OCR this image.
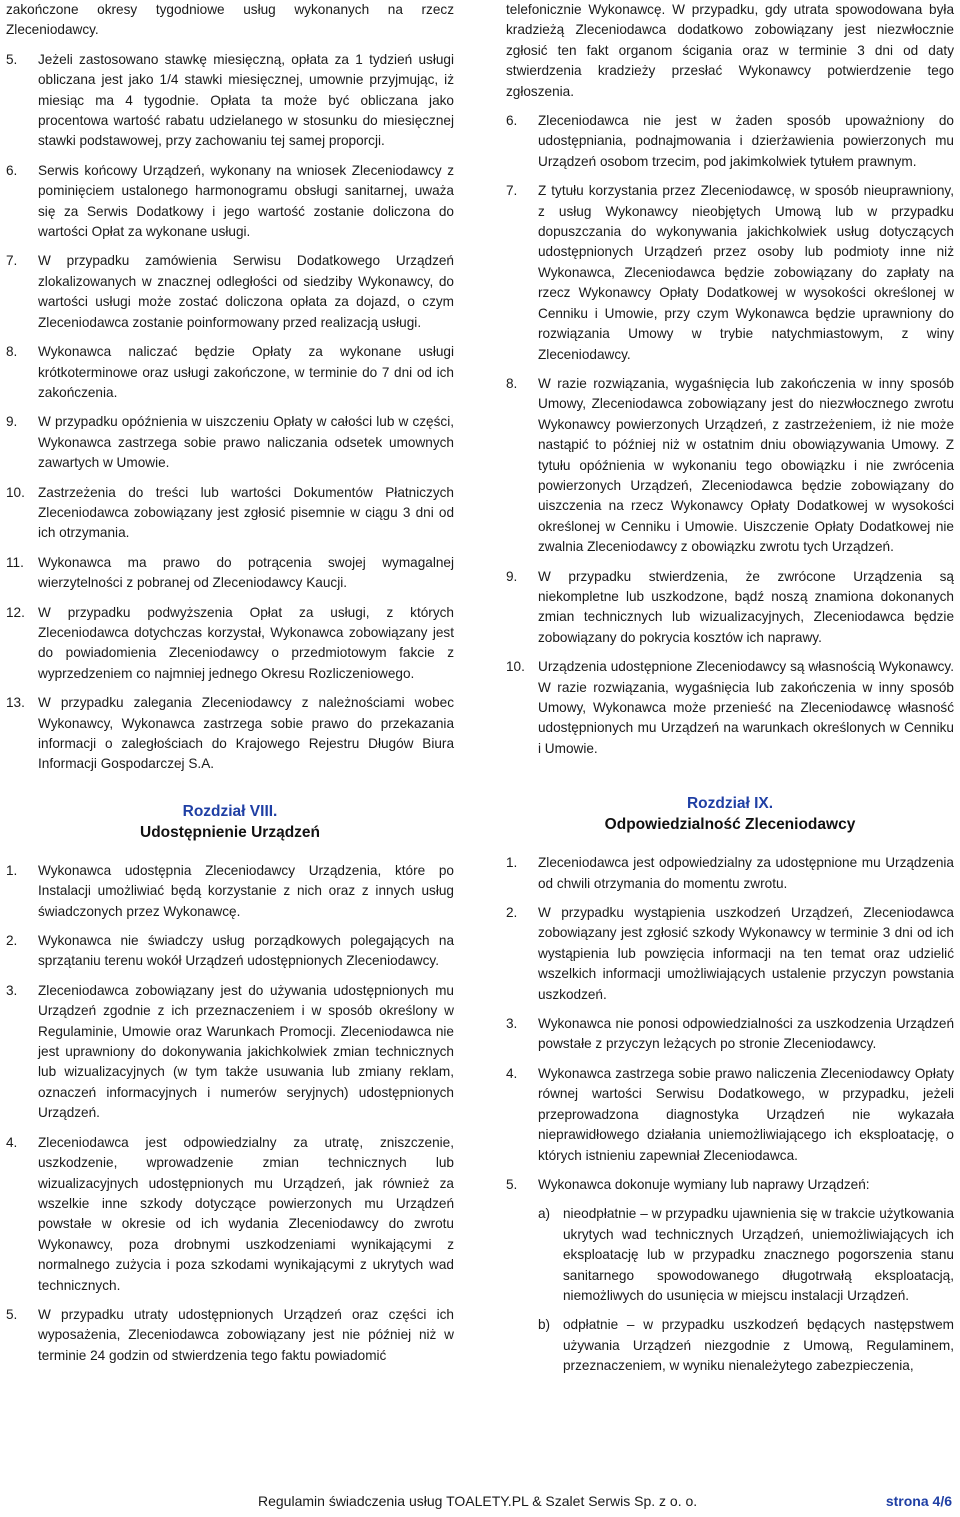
zakończone okresy tygodniowe usług wykonanych na rzecz Zleceniodawcy.

5.	Jeżeli zastosowano stawkę miesięczną, opłata za 1 tydzień usługi obliczana jest jako 1/4 stawki miesięcznej, umownie przyjmując, iż miesiąc ma 4 tygodnie. Opłata ta może być obliczana jako procentowa wartość rabatu udzielanego w stosunku do miesięcznej stawki podstawowej, przy zachowaniu tej samej proporcji.
6.	Serwis końcowy Urządzeń, wykonany na wniosek Zleceniodawcy z pominięciem ustalonego harmonogramu obsługi sanitarnej, uważa się za Serwis Dodatkowy i jego wartość zostanie doliczona do wartości Opłat za wykonane usługi.
7.	W przypadku zamówienia Serwisu Dodatkowego Urządzeń zlokalizowanych w znacznej odległości od siedziby Wykonawcy, do wartości usługi może zostać doliczona opłata za dojazd, o czym Zleceniodawca zostanie poinformowany przed realizacją usługi.
8.	Wykonawca naliczać będzie Opłaty za wykonane usługi krótkoterminowe oraz usługi zakończone, w terminie do 7 dni od ich zakończenia.
9.	W przypadku opóźnienia w uiszczeniu Opłaty w całości lub w części, Wykonawca zastrzega sobie prawo naliczania odsetek umownych zawartych w Umowie.
10. Zastrzeżenia do treści lub wartości Dokumentów Płatniczych Zleceniodawca zobowiązany jest zgłosić pisemnie w ciągu 3 dni od ich otrzymania.
11.	Wykonawca ma prawo do potrącenia swojej wymagalnej wierzytelności z pobranej od Zleceniodawcy Kaucji.
12. W przypadku podwyższenia Opłat za usługi, z których Zleceniodawca dotychczas korzystał, Wykonawca zobowiązany jest do powiadomienia Zleceniodawcy o przedmiotowym fakcie z wyprzedzeniem co najmniej jednego Okresu Rozliczeniowego.
13. W przypadku zalegania Zleceniodawcy z należnościami wobec Wykonawcy, Wykonawca zastrzega sobie prawo do przekazania informacji o zaległościach do Krajowego Rejestru Długów Biura Informacji Gospodarczej S.A.
Rozdział VIII.
Udostępnienie Urządzeń
1.	Wykonawca udostępnia Zleceniodawcy Urządzenia, które po Instalacji umożliwiać będą korzystanie z nich oraz z innych usług świadczonych przez Wykonawcę.
2.	Wykonawca nie świadczy usług porządkowych polegających na sprzątaniu terenu wokół Urządzeń udostępnionych Zleceniodawcy.
3.	Zleceniodawca zobowiązany jest do używania udostępnionych mu Urządzeń zgodnie z ich przeznaczeniem i w sposób określony w Regulaminie, Umowie oraz Warunkach Promocji. Zleceniodawca nie jest uprawniony do dokonywania jakichkolwiek zmian technicznych lub wizualizacyjnych (w tym także usuwania lub zmiany reklam, oznaczeń informacyjnych i numerów seryjnych) udostępnionych Urządzeń.
4.	Zleceniodawca jest odpowiedzialny za utratę, zniszczenie, uszkodzenie, wprowadzenie zmian technicznych lub wizualizacyjnych udostępnionych mu Urządzeń, jak również za wszelkie inne szkody dotyczące powierzonych mu Urządzeń powstałe w okresie od ich wydania Zleceniodawcy do zwrotu Wykonawcy, poza drobnymi uszkodzeniami wynikającymi z normalnego zużycia i poza szkodami wynikającymi z ukrytych wad technicznych.
5.	W przypadku utraty udostępnionych Urządzeń oraz części ich wyposażenia, Zleceniodawca zobowiązany jest nie później niż w terminie 24 godzin od stwierdzenia tego faktu powiadomić

telefonicznie Wykonawcę. W przypadku, gdy utrata spowodowana była kradzieżą Zleceniodawca dodatkowo zobowiązany jest niezwłocznie zgłosić ten fakt organom ścigania oraz w terminie 3 dni od daty stwierdzenia kradzieży przesłać Wykonawcy potwierdzenie tego zgłoszenia.

6.	Zleceniodawca nie jest w żaden sposób upoważniony do udostępniania, podnajmowania i dzierżawienia powierzonych mu Urządzeń osobom trzecim, pod jakimkolwiek tytułem prawnym.
7.	Z tytułu korzystania przez Zleceniodawcę, w sposób nieuprawniony, z usług Wykonawcy nieobjętych Umową lub w przypadku dopuszczania do wykonywania jakichkolwiek usług dotyczących udostępnionych Urządzeń przez osoby lub podmioty inne niż Wykonawca, Zleceniodawca będzie zobowiązany do zapłaty na rzecz Wykonawcy Opłaty Dodatkowej w wysokości określonej w Cenniku i Umowie, przy czym Wykonawca będzie uprawniony do rozwiązania Umowy w trybie natychmiastowym, z winy Zleceniodawcy.
8.	W razie rozwiązania, wygaśnięcia lub zakończenia w inny sposób Umowy, Zleceniodawca zobowiązany jest do niezwłocznego zwrotu Wykonawcy powierzonych Urządzeń, z zastrzeżeniem, iż nie może nastąpić to później niż w ostatnim dniu obowiązywania Umowy. Z tytułu opóźnienia w wykonaniu tego obowiązku i nie zwrócenia powierzonych Urządzeń, Zleceniodawca będzie zobowiązany do uiszczenia na rzecz Wykonawcy Opłaty Dodatkowej w wysokości określonej w Cenniku i Umowie. Uiszczenie Opłaty Dodatkowej nie zwalnia Zleceniodawcy z obowiązku zwrotu tych Urządzeń.
9.	W przypadku stwierdzenia, że zwrócone Urządzenia są niekompletne lub uszkodzone, bądź noszą znamiona dokonanych zmian technicznych lub wizualizacyjnych, Zleceniodawca będzie zobowiązany do pokrycia kosztów ich naprawy.
10. Urządzenia udostępnione Zleceniodawcy są własnością Wykonawcy. W razie rozwiązania, wygaśnięcia lub zakończenia w inny sposób Umowy, Wykonawca może przenieść na Zleceniodawcę własność udostępnionych mu Urządzeń na warunkach określonych w Cenniku i Umowie.
Rozdział IX.
Odpowiedzialność Zleceniodawcy
1.	Zleceniodawca jest odpowiedzialny za udostępnione mu Urządzenia od chwili otrzymania do momentu zwrotu.
2.	W przypadku wystąpienia uszkodzeń Urządzeń, Zleceniodawca zobowiązany jest zgłosić szkody Wykonawcy w terminie 3 dni od ich wystąpienia lub powzięcia informacji na ten temat oraz udzielić wszelkich informacji umożliwiających ustalenie przyczyn powstania uszkodzeń.
3.	Wykonawca nie ponosi odpowiedzialności za uszkodzenia Urządzeń powstałe z przyczyn leżących po stronie Zleceniodawcy.
4.	Wykonawca zastrzega sobie prawo naliczenia Zleceniodawcy Opłaty równej wartości Serwisu Dodatkowego, w przypadku, jeżeli przeprowadzona diagnostyka Urządzeń nie wykazała nieprawidłowego działania uniemożliwiającego ich eksploatację, o których istnieniu zapewniał Zleceniodawca.
5.	Wykonawca dokonuje wymiany lub naprawy Urządzeń:
a) nieodpłatnie – w przypadku ujawnienia się w trakcie użytkowania ukrytych wad technicznych Urządzeń, uniemożliwiających ich eksploatację lub w przypadku znacznego pogorszenia stanu sanitarnego spowodowanego długotrwałą eksploatacją, niemożliwych do usunięcia w miejscu instalacji Urządzeń.
b) odpłatnie – w przypadku uszkodzeń będących następstwem używania Urządzeń niezgodnie z Umową, Regulaminem, przeznaczeniem, w wyniku nienależytego zabezpieczenia,
Regulamin świadczenia usług TOALETY.PL & Szalet Serwis Sp. z o. o.	strona 4/6
